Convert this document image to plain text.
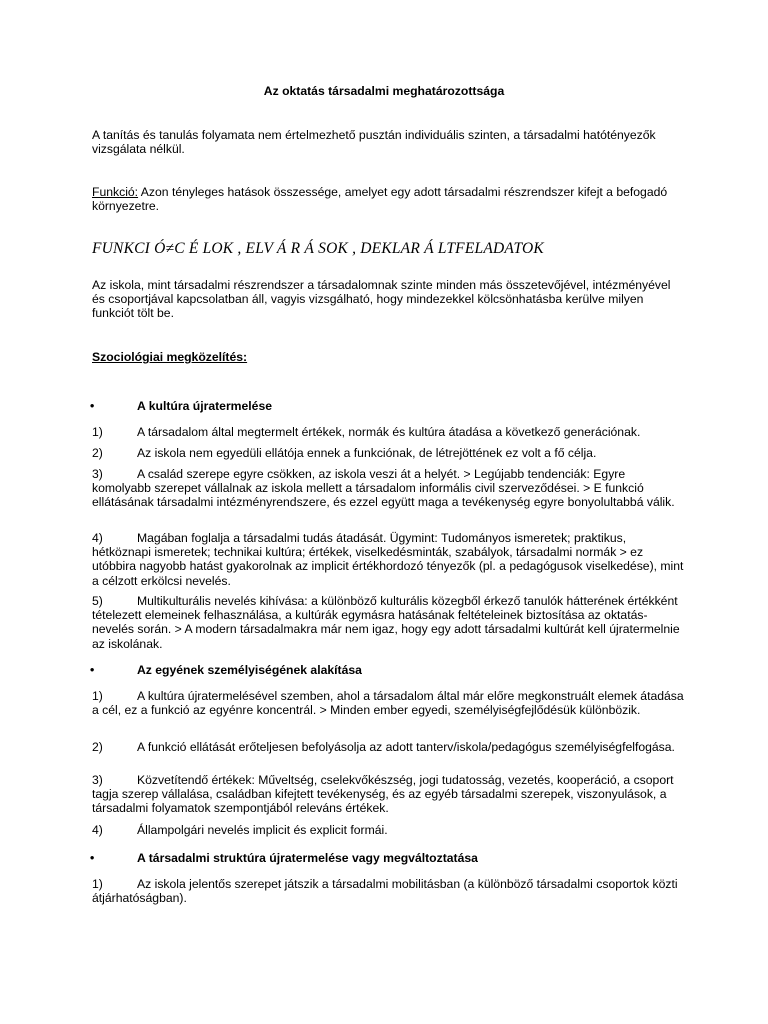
Az oktatás társadalmi meghatározottsága

A tanítás és tanulás folyamata nem értelmezhető pusztán individuális szinten, a társadalmi hatótényezők vizsgálata nélkül.

Funkció: Azon tényleges hatások összessége, amelyet egy adott társadalmi részrendszer kifejt a befogadó környezetre.

FUNKCI Ó≠C É LOK , ELV Á R Á SOK , DEKLAR Á LTFELADATOK

Az iskola, mint társadalmi részrendszer a társadalomnak szinte minden más összetevőjével, intézményével és csoportjával kapcsolatban áll, vagyis vizsgálható, hogy mindezekkel kölcsönhatásba kerülve milyen funkciót tölt be.

Szociológiai megközelítés:

•	A kultúra újratermelése

1)	A társadalom által megtermelt értékek, normák és kultúra átadása a következő generációnak.

2)	Az iskola nem egyedüli ellátója ennek a funkciónak, de létrejöttének ez volt a fő célja.

3)	A család szerepe egyre csökken, az iskola veszi át a helyét. > Legújabb tendenciák: Egyre komolyabb szerepet vállalnak az iskola mellett a társadalom informális civil szerveződései. > E funkció ellátásának társadalmi intézményrendszere, és ezzel együtt maga a tevékenység egyre bonyolultabbá válik.

4)	Magában foglalja a társadalmi tudás átadását. Ügymint: Tudományos ismeretek; praktikus, hétköznapi ismeretek; technikai kultúra; értékek, viselkedésminták, szabályok, társadalmi normák > ez utóbbira nagyobb hatást gyakorolnak az implicit értékhordozó tényezők (pl. a pedagógusok viselkedése), mint a célzott erkölcsi nevelés.

5)	Multikulturális nevelés kihívása: a különböző kulturális közegből érkező tanulók hátterének értékként tételezett elemeinek felhasználása, a kultúrák egymásra hatásának feltételeinek biztosítása az oktatás-nevelés során. > A modern társadalmakra már nem igaz, hogy egy adott társadalmi kultúrát kell újratermelnie az iskolának.

•	Az egyének személyiségének alakítása

1)	A kultúra újratermelésével szemben, ahol a társadalom által már előre megkonstruált elemek átadása a cél, ez a funkció az egyénre koncentrál. > Minden ember egyedi, személyiségfejlődésük különbözik.

2)	A funkció ellátását erőteljesen befolyásolja az adott tanterv/iskola/pedagógus személyiségfelfogása.

3)	Közvetítendő értékek: Műveltség, cselekvőkészség, jogi tudatosság, vezetés, kooperáció, a csoport tagja szerep vállalása, családban kifejtett tevékenység, és az egyéb társadalmi szerepek, viszonyulások, a társadalmi folyamatok szempontjából releváns értékek.

4)	Állampolgári nevelés implicit és explicit formái.

•	A társadalmi struktúra újratermelése vagy megváltoztatása

1)	Az iskola jelentős szerepet játszik a társadalmi mobilitásban (a különböző társadalmi csoportok közti átjárhatóságban).
